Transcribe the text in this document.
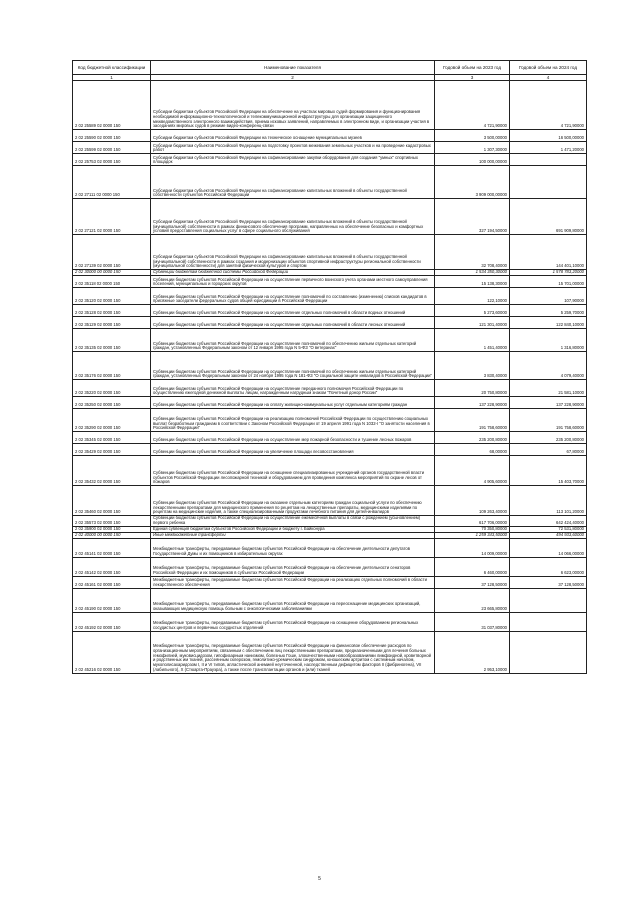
Код бюджетной классификации	Наименование показателя	Годовой объем на 2023 год	Годовой объем на 2024 год
1	2	3	4
2 02 25589 02 0000 150	Субсидии бюджетам субъектов Российской Федерации на обеспечение на участках мировых судей формирования и функционирования необходимой информационно-технологической и телекоммуникационной инфраструктуры для организации защищенного межведомственного электронного взаимодействия, приема исковых заявлений, направляемых в электронном виде, и организации участия в заседаниях мировых судов в режиме видео-конференц-связи	4 721,90000	4 721,90000
2 02 25590 02 0000 150	Субсидии бюджетам субъектов Российской Федерации на техническое оснащение муниципальных музеев	3 500,00000	16 500,00000
2 02 25599 02 0000 150	Субсидии бюджетам субъектов Российской Федерации на подготовку проектов межевания земельных участков и на проведение кадастровых работ	1 307,30000	1 471,20000
2 02 25753 02 0000 150	Субсидии бюджетам субъектов Российской Федерации на софинансирование закупки оборудования для создания "умных" спортивных площадок	100 000,00000	
2 02 27111 02 0000 150	Субсидии бюджетам субъектов Российской Федерации на софинансирование капитальных вложений в объекты государственной собственности субъектов Российской Федерации	3 909 000,00000	
2 02 27121 02 0000 150	Субсидии бюджетам субъектов Российской Федерации на софинансирование капитальных вложений в объекты государственной (муниципальной) собственности в рамках финансового обеспечения программ, направленных на обеспечение безопасных и комфортных условий предоставления социальных услуг в сфере социального обслуживания	327 194,50000	691 909,80000
2 02 27139 02 0000 150	Субсидии бюджетам субъектов Российской Федерации на софинансирование капитальных вложений в объекты государственной (муниципальной) собственности в рамках создания и модернизации объектов спортивной инфраструктуры региональной собственности (муниципальной собственности) для занятий физической культурой и спортом	32 708,40000	144 401,10000
2 02 30000 00 0000 150	Субвенции бюджетам бюджетной системы Российской Федерации	1 534 350,30000	1 578 783,20000
2 02 35118 02 0000 150	Субвенции бюджетам субъектов Российской Федерации на осуществление первичного воинского учета органами местного самоуправления поселений, муниципальных и городских округов	15 138,30000	15 701,00000
2 02 35120 02 0000 150	Субвенции бюджетам субъектов Российской Федерации на осуществление полномочий по составлению (изменению) списков кандидатов в присяжные заседатели федеральных судов общей юрисдикции в Российской Федерации	122,10000	107,90000
2 02 35128 02 0000 150	Субвенции бюджетам субъектов Российской Федерации на осуществление отдельных полномочий в области водных отношений	5 273,60000	5 259,70000
2 02 35129 02 0000 150	Субвенции бюджетам субъектов Российской Федерации на осуществление отдельных полномочий в области лесных отношений	121 301,40000	122 840,10000
2 02 35135 02 0000 150	Субвенции бюджетам субъектов Российской Федерации на осуществление полномочий по обеспечению жильем отдельных категорий граждан, установленных Федеральным законом от 12 января 1995 года N 5-ФЗ "О ветеранах"	1 451,40000	1 316,80000
2 02 35176 02 0000 150	Субвенции бюджетам субъектов Российской Федерации на осуществление полномочий по обеспечению жильем отдельных категорий граждан, установленных Федеральным законом от 24 ноября 1995 года N 181-ФЗ "О социальной защите инвалидов в Российской Федерации"	3 830,40000	4 079,40000
2 02 35220 02 0000 150	Субвенции бюджетам субъектов Российской Федерации на осуществление переданного полномочия Российской Федерации по осуществлению ежегодной денежной выплаты лицам, награжденным нагрудным знаком "Почетный донор России"	20 750,80000	21 581,10000
2 02 35250 02 0000 150	Субвенции бюджетам субъектов Российской Федерации на оплату жилищно-коммунальных услуг отдельным категориям граждан	137 228,90000	137 228,90000
2 02 35290 02 0000 150	Субвенции бюджетам субъектов Российской Федерации на реализацию полномочий Российской Федерации по осуществлению социальных выплат безработным гражданам в соответствии с Законом Российской Федерации от 19 апреля 1991 года N 1032-I "О занятости населения в Российской Федерации"	191 758,60000	191 758,60000
2 02 35345 02 0000 150	Субвенции бюджетам субъектов Российской Федерации на осуществление мер пожарной безопасности и тушение лесных пожаров	235 200,80000	235 200,80000
2 02 35429 02 0000 150	Субвенции бюджетам субъектов Российской Федерации на увеличение площади лесовосстановления	68,00000	67,80000
2 02 35432 02 0000 150	Субвенции бюджетам субъектов Российской Федерации на оснащение специализированных учреждений органов государственной власти субъектов Российской Федерации лесопожарной техникой и оборудованием для проведения комплекса мероприятий по охране лесов от пожаров	4 905,60000	15 403,70000
2 02 35460 02 0000 150	Субвенции бюджетам субъектов Российской Федерации на оказание отдельным категориям граждан социальной услуги по обеспечению лекарственными препаратами для медицинского применения по рецептам на лекарственные препараты, медицинскими изделиями по рецептам на медицинские изделия, а также специализированными продуктами лечебного питания для детей-инвалидов	109 263,40000	113 101,20000
2 02 35573 02 0000 150	Субвенции бюджетам субъектов Российской Федерации на осуществление ежемесячной выплаты в связи с рождением (усыновлением) первого ребенка	617 706,00000	642 424,40000
2 02 35900 02 0000 150	Единая субвенция бюджетам субъектов Российской Федерации и бюджету г. Байконура	70 350,80000	72 531,80000
2 02 40000 00 0000 150	Иные межбюджетные трансферты	1 259 343,50000	494 933,60000
2 02 45141 02 0000 150	Межбюджетные трансферты, передаваемые бюджетам субъектов Российской Федерации на обеспечение деятельности депутатов Государственной Думы и их помощников в избирательных округах	14 009,00000	14 066,00000
2 02 45142 02 0000 150	Межбюджетные трансферты, передаваемые бюджетам субъектов Российской Федерации на обеспечение деятельности сенаторов Российской Федерации и их помощников в субъектах Российской Федерации	6 460,00000	6 623,00000
2 02 45161 02 0000 150	Межбюджетные трансферты, передаваемые бюджетам субъектов Российской Федерации на реализацию отдельных полномочий в области лекарственного обеспечения	37 128,50000	37 128,50000
2 02 45190 02 0000 150	Межбюджетные трансферты, передаваемые бюджетам субъектов Российской Федерации на переоснащение медицинских организаций, оказывающих медицинскую помощь больным с онкологическими заболеваниями	23 665,80000	
2 02 45192 02 0000 150	Межбюджетные трансферты, передаваемые бюджетам субъектов Российской Федерации на оснащение оборудованием региональных сосудистых центров и первичных сосудистых отделений	31 037,80000	
2 02 45216 02 0000 150	Межбюджетные трансферты, передаваемые бюджетам субъектов Российской Федерации на финансовое обеспечение расходов по организационным мероприятиям, связанным с обеспечением лиц лекарственными препаратами, предназначенными для лечения больных гемофилией, муковисцидозом, гипофизарным нанизмом, болезнью Гоше, злокачественными новообразованиями лимфоидной, кроветворной и родственных им тканей, рассеянным склерозом, гемолитико-уремическим синдромом, юношеским артритом с системным началом, мукополисахаридозом I, II и VI типов, апластической анемией неуточненной, наследственным дефицитом факторов II (фибриногена), VII (лабильного), X (Стюарта-Прауэра), а также после трансплантации органов и (или) тканей	2 953,10000	
5
